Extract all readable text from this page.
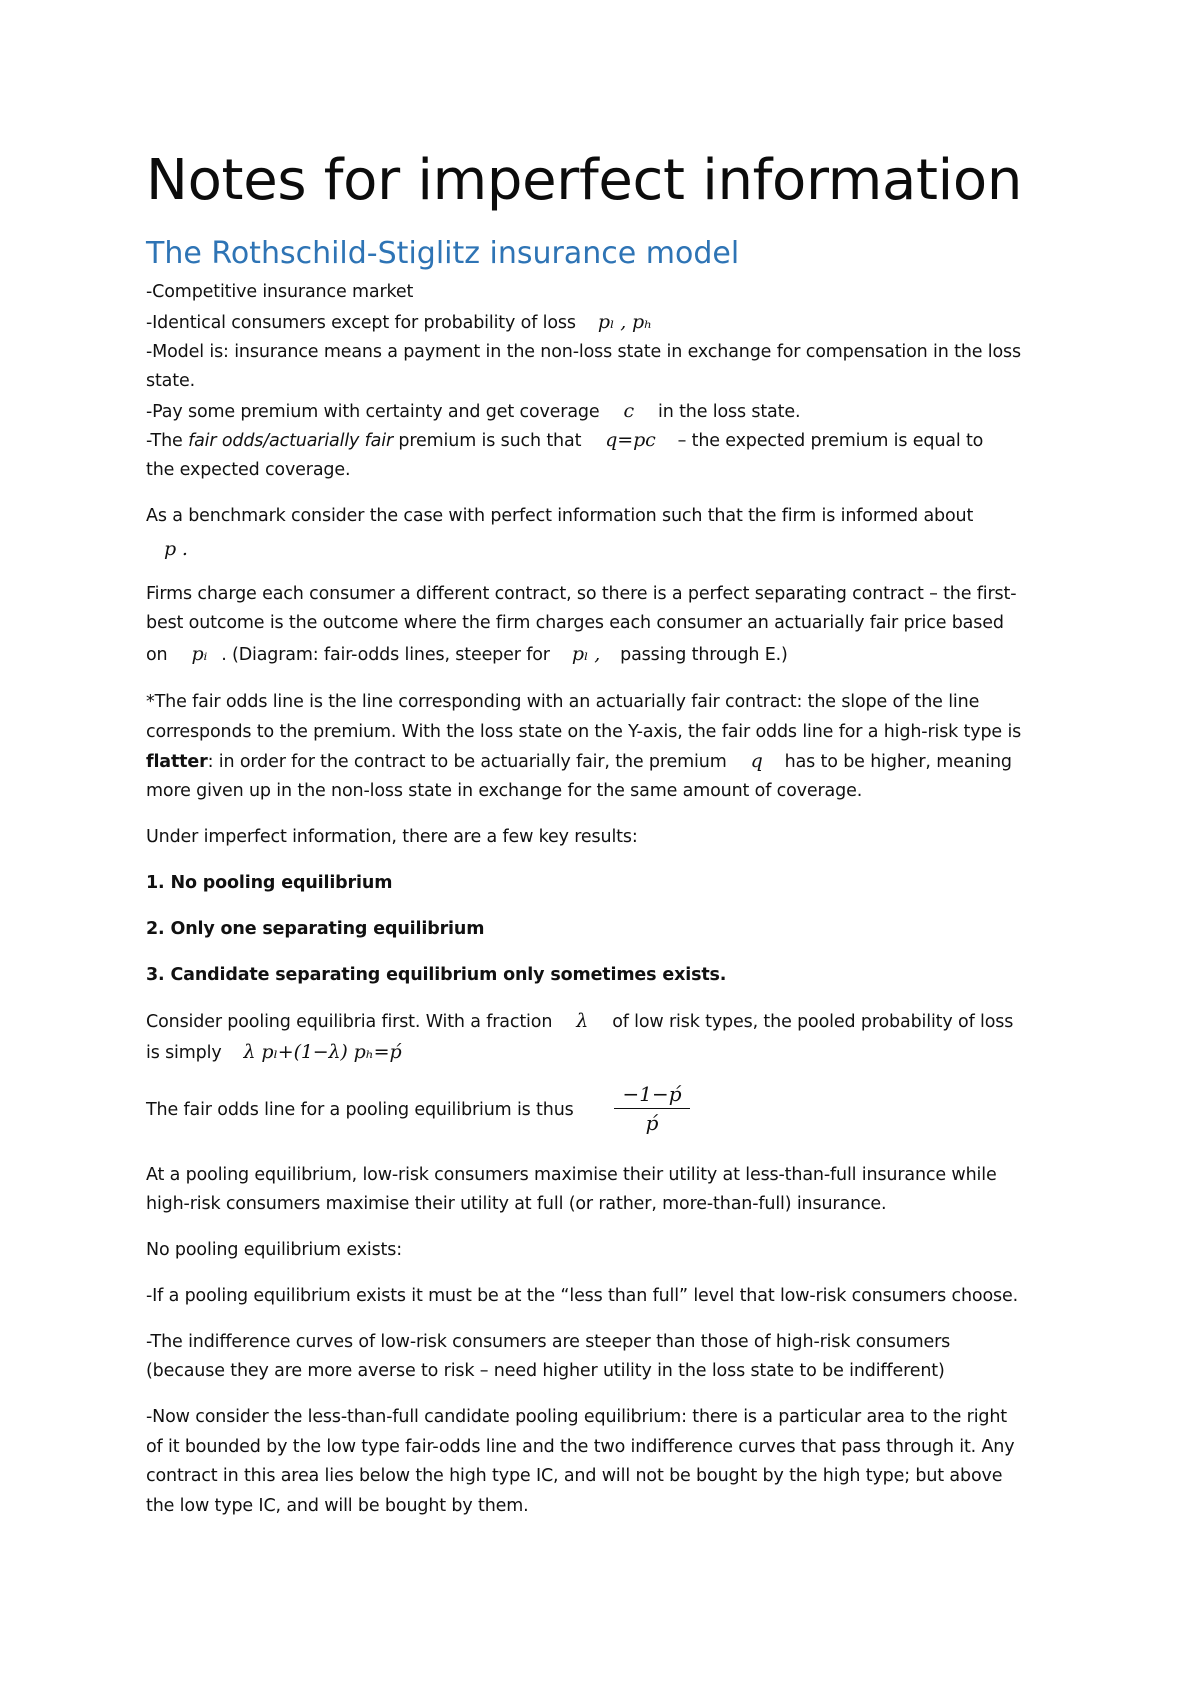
Notes for imperfect information
The Rothschild-Stiglitz insurance model
-Competitive insurance market
-Identical consumers except for probability of loss pₗ , pₕ
-Model is: insurance means a payment in the non-loss state in exchange for compensation in the loss
state.
-Pay some premium with certainty and get coverage c in the loss state.
-The fair odds/actuarially fair premium is such that q=pc – the expected premium is equal to
the expected coverage.
As a benchmark consider the case with perfect information such that the firm is informed about
p .
Firms charge each consumer a different contract, so there is a perfect separating contract – the first-
best outcome is the outcome where the firm charges each consumer an actuarially fair price based
on pᵢ . (Diagram: fair-odds lines, steeper for pₗ , passing through E.)
*The fair odds line is the line corresponding with an actuarially fair contract: the slope of the line
corresponds to the premium. With the loss state on the Y-axis, the fair odds line for a high-risk type is
flatter: in order for the contract to be actuarially fair, the premium q has to be higher, meaning
more given up in the non-loss state in exchange for the same amount of coverage.
Under imperfect information, there are a few key results:
1. No pooling equilibrium
2. Only one separating equilibrium
3. Candidate separating equilibrium only sometimes exists.
Consider pooling equilibria first. With a fraction λ of low risk types, the pooled probability of loss
is simply λ pₗ+(1−λ) pₕ=ṕ
The fair odds line for a pooling equilibrium is thus
−1−ṕ
ṕ
At a pooling equilibrium, low-risk consumers maximise their utility at less-than-full insurance while
high-risk consumers maximise their utility at full (or rather, more-than-full) insurance.
No pooling equilibrium exists:
-If a pooling equilibrium exists it must be at the “less than full” level that low-risk consumers choose.
-The indifference curves of low-risk consumers are steeper than those of high-risk consumers
(because they are more averse to risk – need higher utility in the loss state to be indifferent)
-Now consider the less-than-full candidate pooling equilibrium: there is a particular area to the right
of it bounded by the low type fair-odds line and the two indifference curves that pass through it. Any
contract in this area lies below the high type IC, and will not be bought by the high type; but above
the low type IC, and will be bought by them.
